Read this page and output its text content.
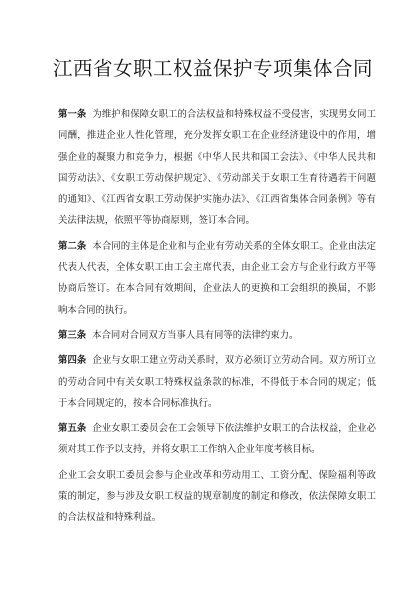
江西省女职工权益保护专项集体合同

第一条 为维护和保障女职工的合法权益和特殊权益不受侵害，实现男女同工同酬，推进企业人性化管理，充分发挥女职工在企业经济建设中的作用，增强企业的凝聚力和竞争力，根据《中华人民共和国工会法》、《中华人民共和国劳动法》、《女职工劳动保护规定》、《劳动部关于女职工生育待遇若干问题的通知》、《江西省女职工劳动保护实施办法》、《江西省集体合同条例》等有关法律法规，依照平等协商原则，签订本合同。

第二条 本合同的主体是企业和与企业有劳动关系的全体女职工。企业由法定代表人代表，全体女职工由工会主席代表，由企业工会方与企业行政方平等协商后签订。在本合同有效期间，企业法人的更换和工会组织的换届，不影响本合同的执行。

第三条 本合同对合同双方当事人具有同等的法律约束力。

第四条 企业与女职工建立劳动关系时，双方必须订立劳动合同。双方所订立的劳动合同中有关女职工特殊权益条款的标准，不得低于本合同的规定；低于本合同规定的，按本合同标准执行。

第五条 企业女职工委员会在工会领导下依法维护女职工的合法权益，企业必须对其工作予以支持，并将女职工工作纳入企业年度考核目标。

企业工会女职工委员会参与企业改革和劳动用工、工资分配、保险福利等政策的制定，参与涉及女职工权益的规章制度的制定和修改，依法保障女职工的合法权益和特殊利益。
